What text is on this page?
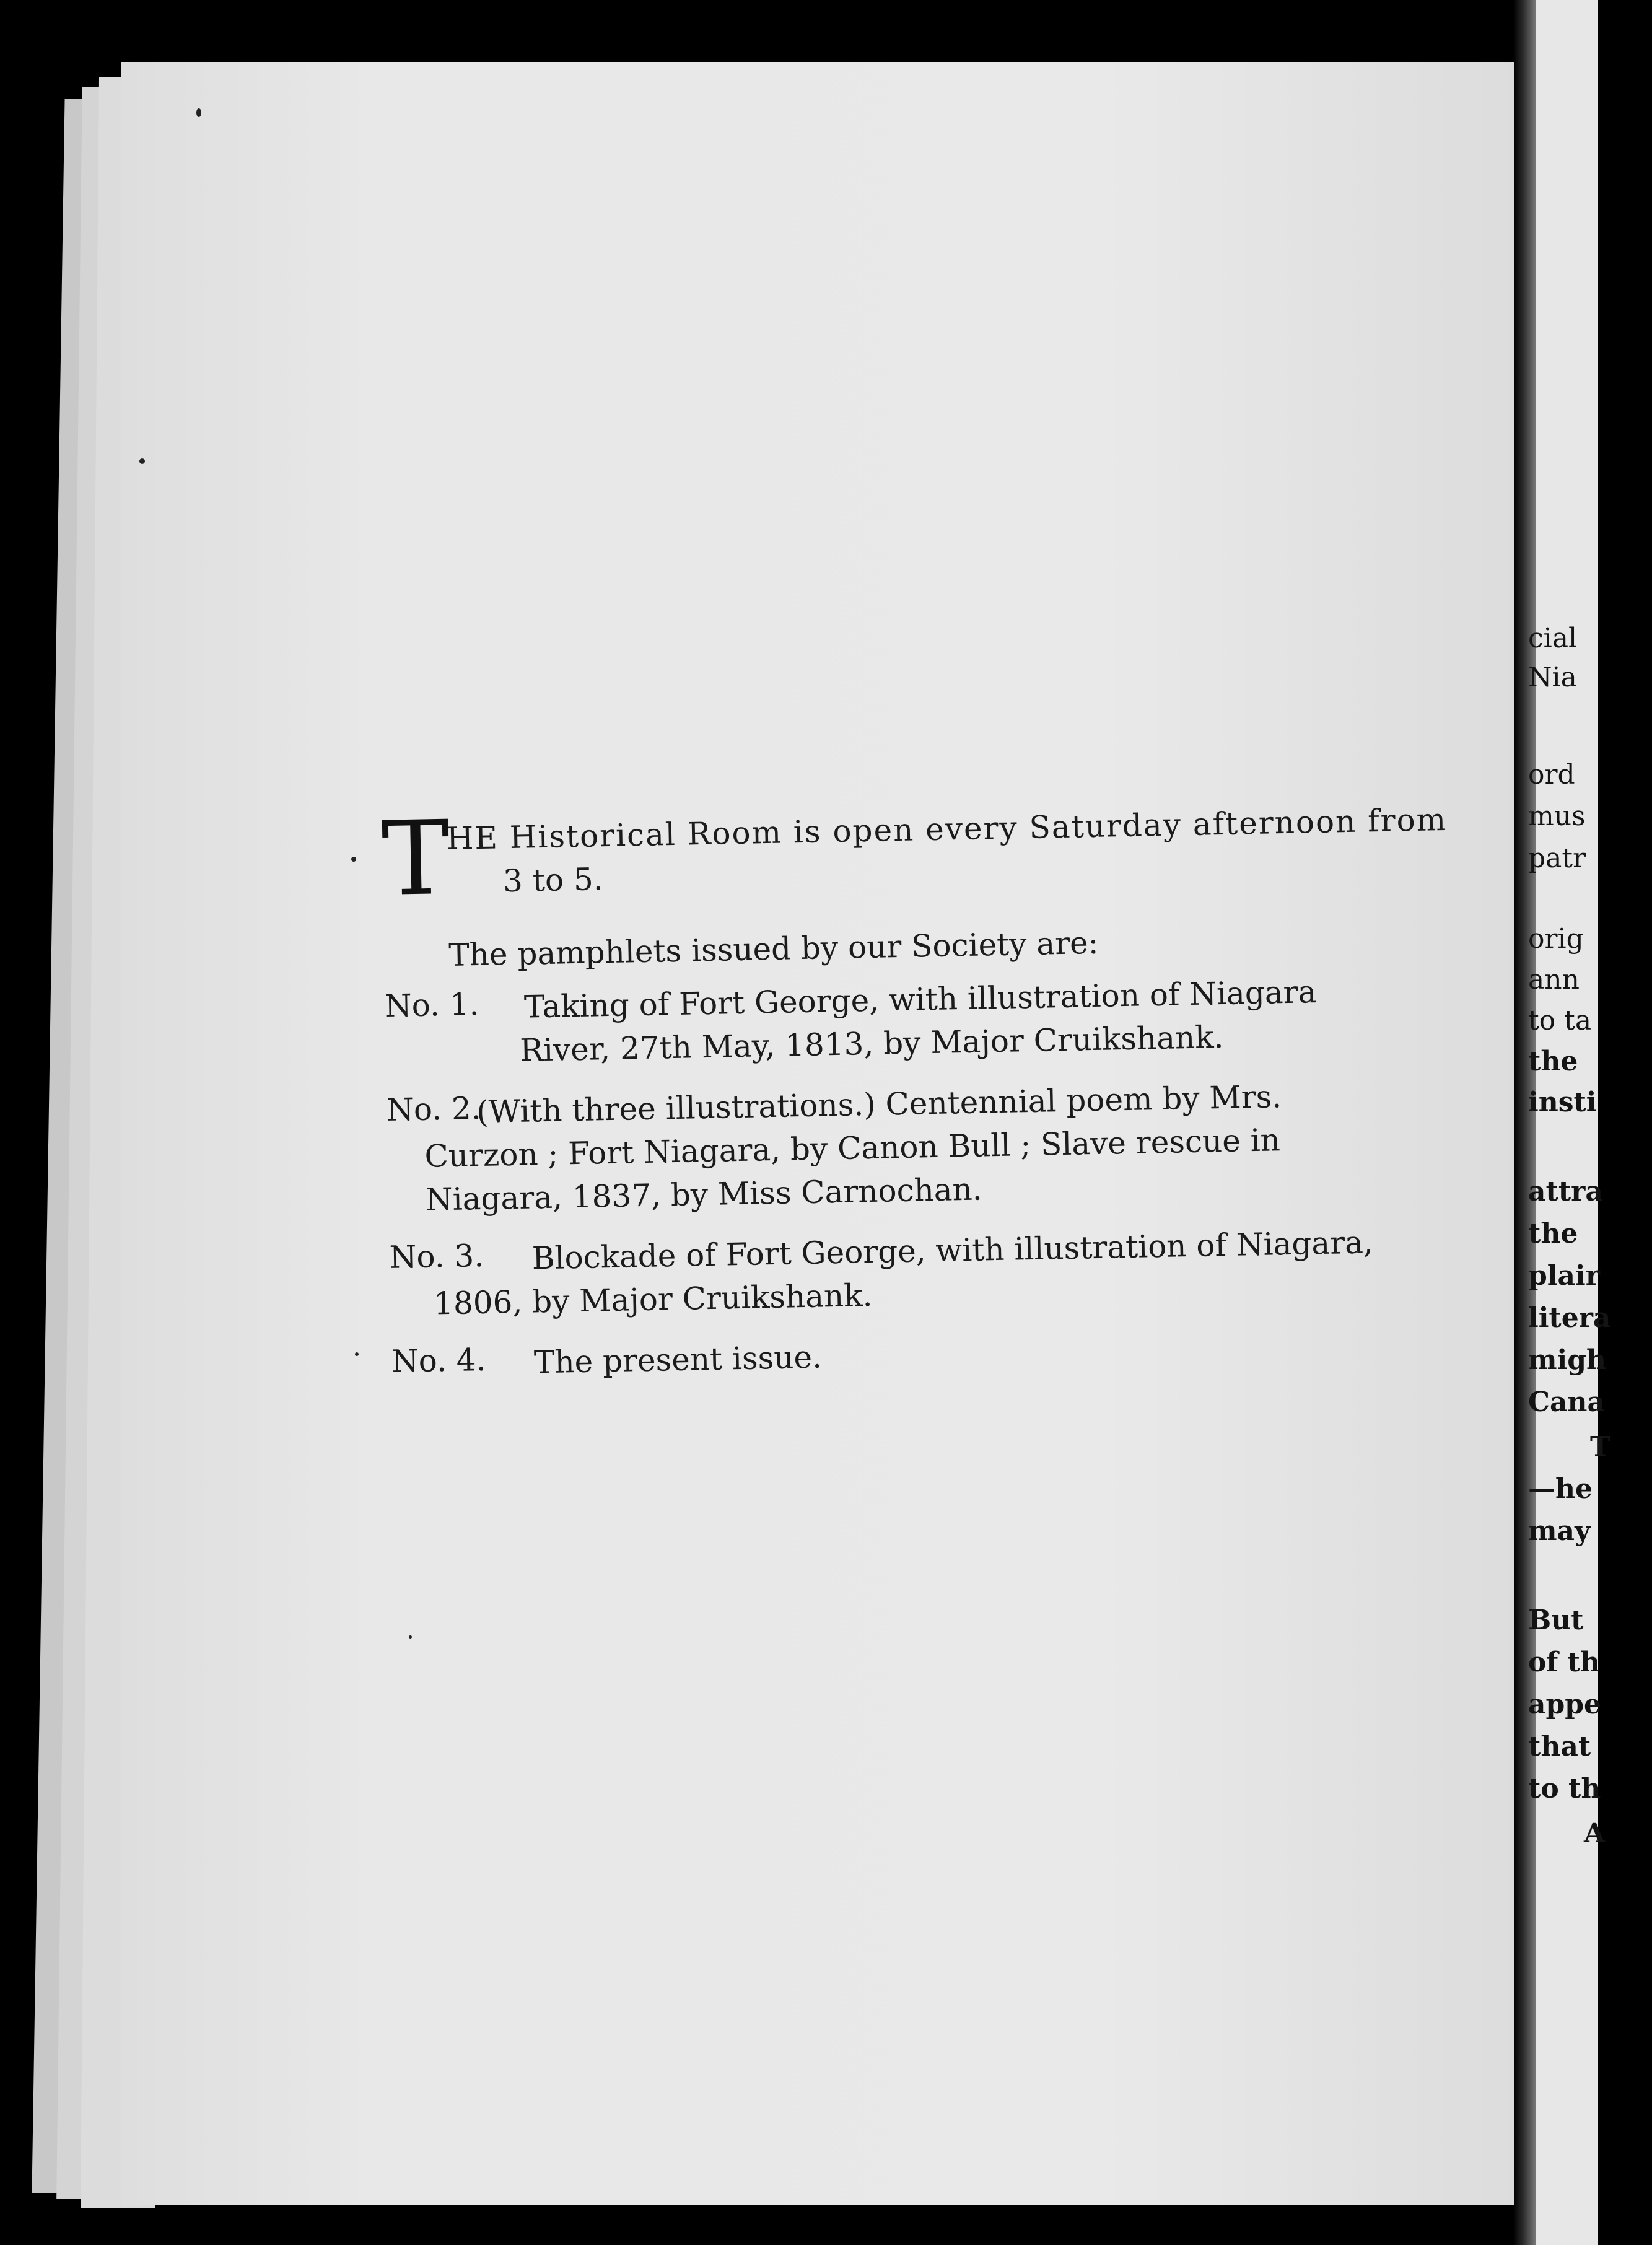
T
HE Historical Room is open every Saturday afternoon from
3 to 5.
The pamphlets issued by our Society are:
No. 1. Taking of Fort George, with illustration of Niagara
River, 27th May, 1813, by Major Cruikshank.
No. 2.
(With three illustrations.) Centennial poem by Mrs.
Curzon ; Fort Niagara, by Canon Bull ; Slave rescue in
Niagara, 1837, by Miss Carnochan.
No. 3. Blockade of Fort George, with illustration of Niagara,
1806, by Major Cruikshank.
No. 4. The present issue.
cial
Nia
ord
mus
patr
orig
ann
to ta
the
insti
attra
the
plair
litera
migh
Cana
T
—he
may
But
of th
appe
that
to th
A
